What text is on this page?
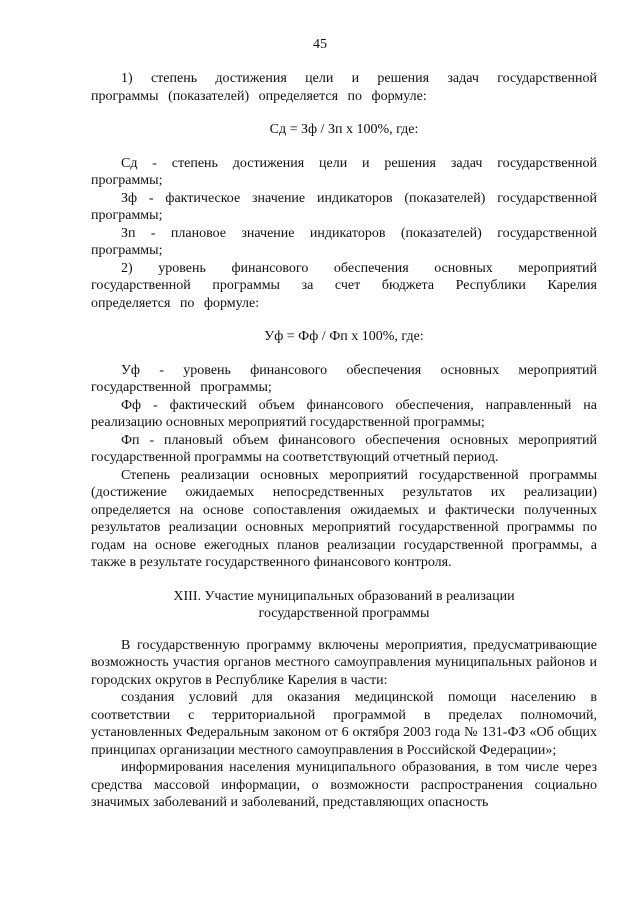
45

1) степень достижения цели и решения задач государственной программы (показателей) определяется по формуле:

Сд = Зф / Зп х 100%, где:

Сд - степень достижения цели и решения задач государственной программы;

Зф - фактическое значение индикаторов (показателей) государственной программы;

Зп - плановое значение индикаторов (показателей) государственной программы;

2) уровень финансового обеспечения основных мероприятий государственной программы за счет бюджета Республики Карелия определяется по формуле:

Уф = Фф / Фп х 100%, где:

Уф - уровень финансового обеспечения основных мероприятий государственной программы;

Фф - фактический объем финансового обеспечения, направленный на реализацию основных мероприятий государственной программы;

Фп - плановый объем финансового обеспечения основных мероприятий государственной программы на соответствующий отчетный период.

Степень реализации основных мероприятий государственной программы (достижение ожидаемых непосредственных результатов их реализации) определяется на основе сопоставления ожидаемых и фактически полученных результатов реализации основных мероприятий государственной программы по годам на основе ежегодных планов реализации государственной программы, а также в результате государственного финансового контроля.

XIII. Участие муниципальных образований в реализации
государственной программы

В государственную программу включены мероприятия, предусматривающие возможность участия органов местного самоуправления муниципальных районов и городских округов в Республике Карелия в части:

создания условий для оказания медицинской помощи населению в соответствии с территориальной программой в пределах полномочий, установленных Федеральным законом от 6 октября 2003 года № 131-ФЗ «Об общих принципах организации местного самоуправления в Российской Федерации»;

информирования населения муниципального образования, в том числе через средства массовой информации, о возможности распространения социально значимых заболеваний и заболеваний, представляющих опасность
